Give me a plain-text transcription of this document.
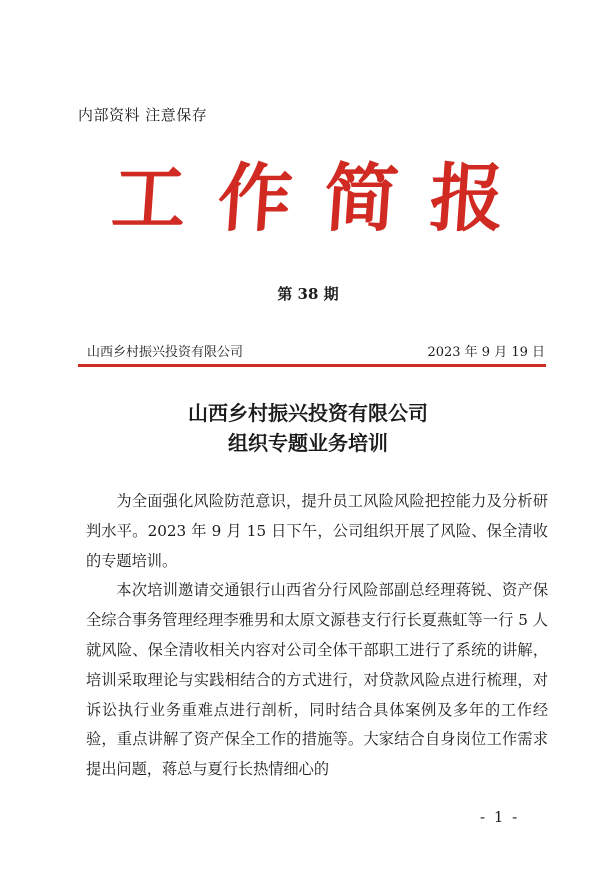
内部资料 注意保存
工作简报
第 38 期
山西乡村振兴投资有限公司	2023 年 9 月 19 日
山西乡村振兴投资有限公司
组织专题业务培训

为全面强化风险防范意识，提升员工风险风险把控能力及分析研判水平。2023 年 9 月 15 日下午，公司组织开展了风险、保全清收的专题培训。

本次培训邀请交通银行山西省分行风险部副总经理蒋锐、资产保全综合事务管理经理李雅男和太原文源巷支行行长夏燕虹等一行 5 人就风险、保全清收相关内容对公司全体干部职工进行了系统的讲解，培训采取理论与实践相结合的方式进行，对贷款风险点进行梳理，对诉讼执行业务重难点进行剖析，同时结合具体案例及多年的工作经验，重点讲解了资产保全工作的措施等。大家结合自身岗位工作需求提出问题，蒋总与夏行长热情细心的

- 1 -
